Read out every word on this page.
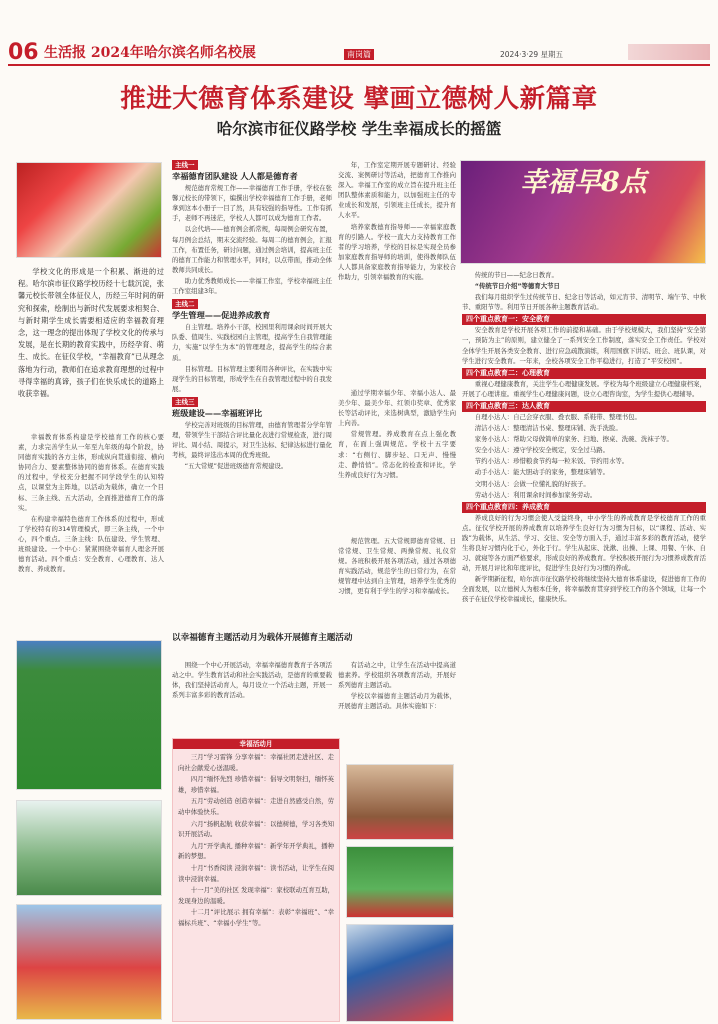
06 生活报 2024年哈尔滨名师名校展	南岗篇	2024·3·29 星期五
推进大德育体系建设 擘画立德树人新篇章
哈尔滨市征仪路学校 学生幸福成长的摇篮
幸福早8点

学校文化的形成是一个积累、渐进的过程。哈尔滨市征仪路学校历经十七载沉淀，张馨元校长带领全体征仪人，历经三年时间的研究和探索，绘制出与新时代发展要求相契合、与新时期学生成长需要相适应的幸福教育理念，这一理念的提出体现了学校文化的传承与发展，是在长期的教育实践中，历经孕育、萌生、成长。在征仪学校，“幸福教育”已从理念落地为行动，教师们在追求教育理想的过程中寻得幸福的真谛，孩子们在快乐成长的道路上收获幸福。

幸福教育体系构建是学校德育工作的核心要素，力求完善学生从一年至九年级的每个阶段，协同德育实践的各方主体，形成纵向贯通衔接、横向协同合力、要素整体协同的德育体系。在德育实践的过程中，学校充分把握不同学段学生的认知特点，以课堂为主阵地，以活动为载体，确立一个目标、三条主线、五大活动，全面推进德育工作的落实。

在构建幸福特色德育工作体系的过程中，形成了学校特有的314管理模式，即三条主线，一个中心，四个重点。三条主线：队伍建设、学生管理、班级建设。一个中心：紧紧围绕幸福育人理念开展德育活动。四个重点：安全教育、心理教育、达人教育、养成教育。

主线一
幸福德育团队建设 人人都是德育者

规范德育常规工作——幸福德育工作手册，学校在张馨元校长的带领下，编撰出学校幸福德育工作手册，老师拿到这本小册子一目了然，具有较强的指导性。工作有抓手，老师不再迷茫，学校人人都可以成为德育工作者。

以会代培——德育例会抓常规，每周例会研究布置，每月例会总结，期末交流经验。每周二的德育例会，汇报工作，布置任务，研讨问题，通过例会培训，提高班主任的德育工作能力和管理水平，同时，以点带面，推动全体教师共同成长。

助力优秀教师成长——幸福工作室，学校幸福班主任工作室组建3年。

主线二
学生管理——促进养成教育

自主管理。培养小干部，校园里利用课余时间开展大队委、值周生、实践校园自主管理，提高学生自我管理能力，实施“以学生为本”的管理理念，提高学生的综合素质。

目标管理。目标管理主要利用各种评比，在实践中实现学生的目标管理，形成学生在自我管理过程中的自我发展。

主线三
班级建设——幸福班评比

学校完善对班级的目标管理，由德育管理者分学年管理，带领学生干部结合评比量化表进行常规检查，进行周评比、周小结、周提示，对卫生达标、纪律达标进行量化考核，最终评选出本周的优秀班级。

“五大常规”促进班级德育常规建设。

年，工作室定期开展专题研讨、经验交流、案例研讨等活动，把德育工作推向深入。幸福工作室的成立旨在提升班主任团队整体素质和能力，以加强班主任的专业成长和发展，引领班主任成长，提升育人水平。

培养家教德育指导师——幸福家庭教育的引路人。学校一直大力支持教育工作者的学习培养，学校的目标是实现全员参加家庭教育指导师的培训，使得教师队伍人人都具备家庭教育指导能力，为家校合作助力，引领幸福教育的实施。

通过学期幸福少年、幸福小达人、最美少年、最美少年、红领巾奖章、优秀家长等活动评比，来选树典型，激励学生向上向善。

常规管理。养成教育在点上强化教育，在面上强调规范。学校十五字要求：“右侧行、脚步轻、口无声、慢慢走、静悄悄”。常态化的检查和评比，学生养成良好行为习惯。

规范管理。五大常规即德育常规、日常常规、卫生常规、两操常规、礼仪常规。各班积极开展各项活动，通过各项德育实践活动，规范学生的日常行为，在常规管理中达到自主管理，培养学生优秀的习惯，更有利于学生的学习和幸福成长。

以幸福德育主题活动月为载体开展德育主题活动

围绕一个中心开展活动，幸福幸福德育教育子各项活动之中。学生教育活动和社会实践活动，是德育的重要载体，我们坚持活动育人，每月设立一个活动主题，开展一系列丰富多彩的教育活动。

有活动之中，让学生在活动中提高道德素养。学校组织各项教育活动，开展好系列德育主题活动。

学校以幸福德育主题活动月为载体，开展德育主题活动。具体实施如下：

幸福活动月

三月“学习雷锋 分享幸福”：幸福社团走进社区、走向社会献爱心送温暖。

四月“缅怀先烈 珍惜幸福”：倡导文明祭扫，缅怀英雄，珍惜幸福。

五月“劳动创造 创造幸福”：走进自然感受自然，劳动中体验快乐。

六月“扬帆起航 收获幸福”：以德树德，学习各类知识开展活动。

九月“开学典礼 播种幸福”：新学年开学典礼，播种新的梦想。

十月“书香阅读 浸润幸福”：读书活动，让学生在阅读中浸润幸福。

十一月“美的社区 发现幸福”：家校联动互育互助，发现身边的温暖。

十二月“评比展示 拥有幸福”：表彰“幸福班”、“幸福标兵班”、“幸福小学生”等。

传统的节日——纪念日教育。

“传统节日介绍”等德育大节日

我们每月组织学生过传统节日、纪念日等活动，如元宵节、清明节、端午节、中秋节、重阳节等。利用节日开展各种主题教育活动。

四个重点教育一：安全教育

安全教育是学校开展各项工作的前提和基础。由于学校规模大，我们坚持“安全第一，预防为主”的原则，建立健全了一系列安全工作制度，落实安全工作责任。学校对全体学生开展各类安全教育、进行应急疏散演练，利用国旗下讲话、班会、班队课，对学生进行安全教育。一年来，全校各项安全工作平稳进行，打造了“平安校园”。

四个重点教育二：心理教育

重视心理健康教育，关注学生心理健康发展。学校为每个班级建立心理健康档案，开展了心理讲座。重视学生心理健康问题，设立心理咨询室，为学生提供心理辅导。

四个重点教育三：达人教育

自理小达人：自己会穿衣服、叠衣服、系鞋带、整理书包。

清洁小达人：整理清洁书桌、整理床铺、洗手洗脸。

家务小达人：帮助父母做简单的家务、扫地、擦桌、洗碗、洗袜子等。

安全小达人：遵守学校安全规定，安全过马路。

节约小达人：珍惜粮食节约每一粒米饭、节约用水等。

动手小达人：能大胆动手的家务，整理床铺等。

文明小达人：会做一位懂礼貌的好孩子。

劳动小达人：利用课余时间参加家务劳动。

四个重点教育四：养成教育

养成良好的行为习惯会使人受益终身，中小学生的养成教育是学校德育工作的重点。征仪学校开展的养成教育以培养学生良好行为习惯为目标，以“课程、活动、实践”为载体，从生活、学习、交往、安全等方面入手，通过丰富多彩的教育活动，使学生将良好习惯内化于心，外化于行。学生从起床、洗漱、出操、上课、用餐、午休、自习、就寝等各方面严格要求，形成良好的养成教育。学校积极开展行为习惯养成教育活动，开展月评比和年度评比，促进学生良好行为习惯的养成。

新学期新征程，哈尔滨市征仪路学校将继续坚持大德育体系建设，促进德育工作的全面发展，以立德树人为根本任务，将幸福教育贯穿到学校工作的各个领域，让每一个孩子在征仪学校幸福成长，健康快乐。
